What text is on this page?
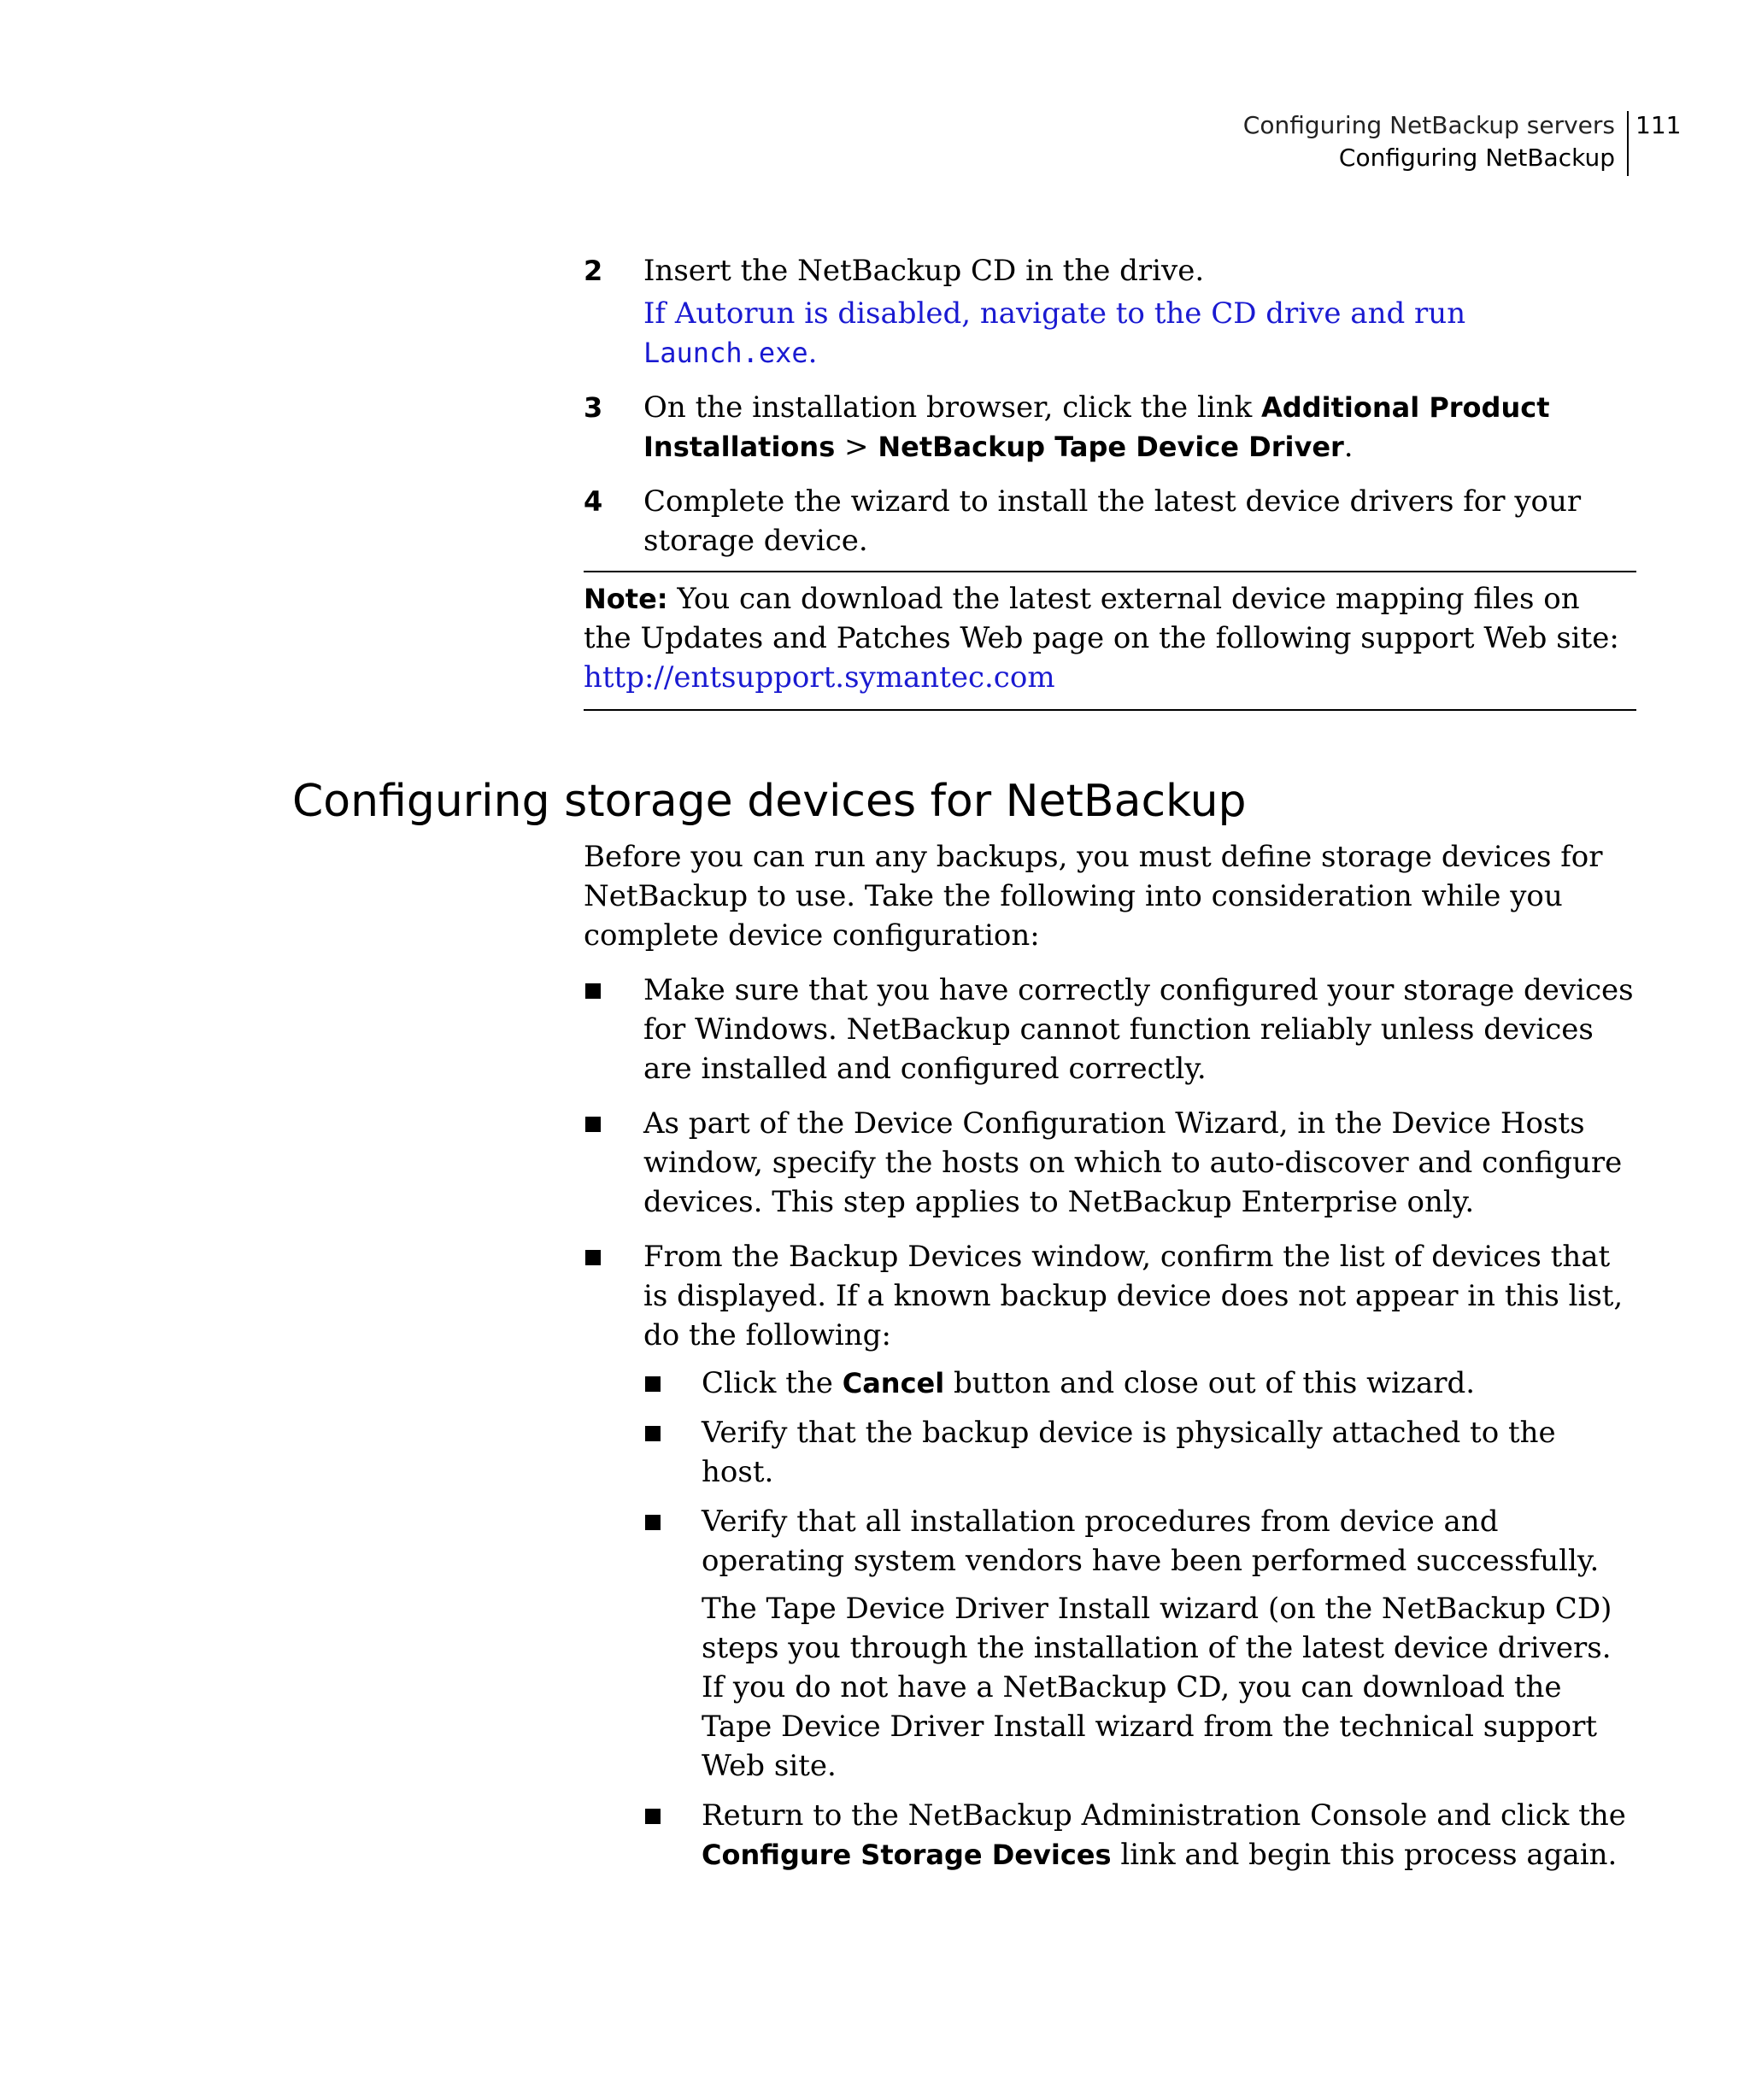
Configuring NetBackup servers
Configuring NetBackup
111
2 Insert the NetBackup CD in the drive.

If Autorun is disabled, navigate to the CD drive and run Launch.exe.

3 On the installation browser, click the link Additional Product Installations > NetBackup Tape Device Driver.

4 Complete the wizard to install the latest device drivers for your storage device.

Note: You can download the latest external device mapping files on the Updates and Patches Web page on the following support Web site:

http://entsupport.symantec.com

Configuring storage devices for NetBackup

Before you can run any backups, you must define storage devices for NetBackup to use. Take the following into consideration while you complete device configuration:

Make sure that you have correctly configured your storage devices for Windows. NetBackup cannot function reliably unless devices are installed and configured correctly.

As part of the Device Configuration Wizard, in the Device Hosts window, specify the hosts on which to auto-discover and configure devices. This step applies to NetBackup Enterprise only.

From the Backup Devices window, confirm the list of devices that is displayed. If a known backup device does not appear in this list, do the following:

Click the Cancel button and close out of this wizard.

Verify that the backup device is physically attached to the host.

Verify that all installation procedures from device and operating system vendors have been performed successfully.

The Tape Device Driver Install wizard (on the NetBackup CD) steps you through the installation of the latest device drivers. If you do not have a NetBackup CD, you can download the Tape Device Driver Install wizard from the technical support Web site.

Return to the NetBackup Administration Console and click the Configure Storage Devices link and begin this process again.
